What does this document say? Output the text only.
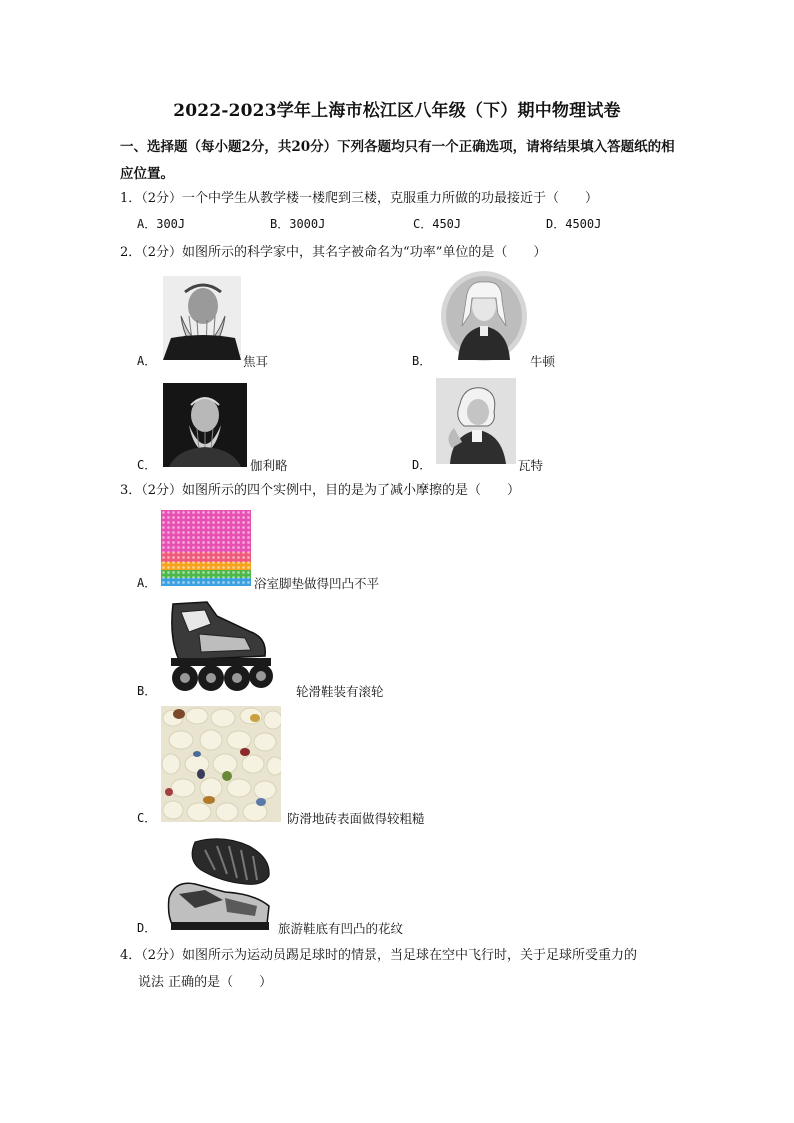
2022-2023学年上海市松江区八年级（下）期中物理试卷
一、选择题（每小题2分，共20分）下列各题均只有一个正确选项，请将结果填入答题纸的相应位置。
1．（2分）一个中学生从教学楼一楼爬到三楼，克服重力所做的功最接近于（　　）
A．300J	B．3000J	C．450J	D．4500J
2．（2分）如图所示的科学家中，其名字被命名为“功率”单位的是（　　）
A．	焦耳	B．	牛顿
C．	伽利略	D．	瓦特
3．（2分）如图所示的四个实例中，目的是为了减小摩擦的是（　　）
A．	浴室脚垫做得凹凸不平
B．	轮滑鞋装有滚轮
C．	防滑地砖表面做得较粗糙
D．	旅游鞋底有凹凸的花纹
4．（2分）如图所示为运动员踢足球时的情景，当足球在空中飞行时，关于足球所受重力的
说法 正确的是（　　）
